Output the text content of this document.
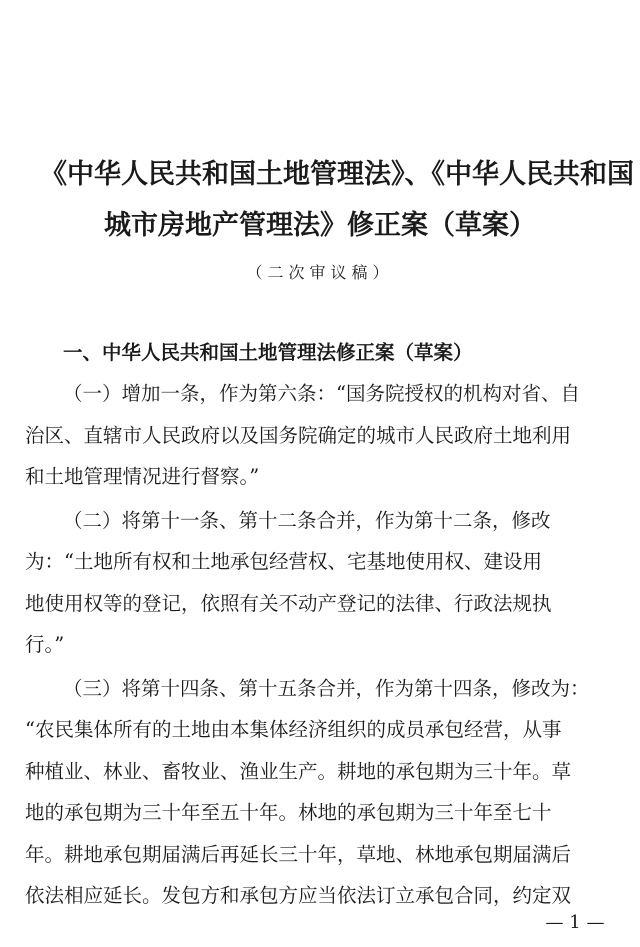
《中华人民共和国土地管理法》、《中华人民共和国
城市房地产管理法》修正案（草案）
（二次审议稿）
一、中华人民共和国土地管理法修正案（草案）
（一）增加一条，作为第六条：“国务院授权的机构对省、自
治区、直辖市人民政府以及国务院确定的城市人民政府土地利用
和土地管理情况进行督察。”
（二）将第十一条、第十二条合并，作为第十二条，修改
为：“土地所有权和土地承包经营权、宅基地使用权、建设用
地使用权等的登记，依照有关不动产登记的法律、行政法规执
行。”
（三）将第十四条、第十五条合并，作为第十四条，修改为：
“农民集体所有的土地由本集体经济组织的成员承包经营，从事
种植业、林业、畜牧业、渔业生产。耕地的承包期为三十年。草
地的承包期为三十年至五十年。林地的承包期为三十年至七十
年。耕地承包期届满后再延长三十年，草地、林地承包期届满后
依法相应延长。发包方和承包方应当依法订立承包合同，约定双
— 1 —
